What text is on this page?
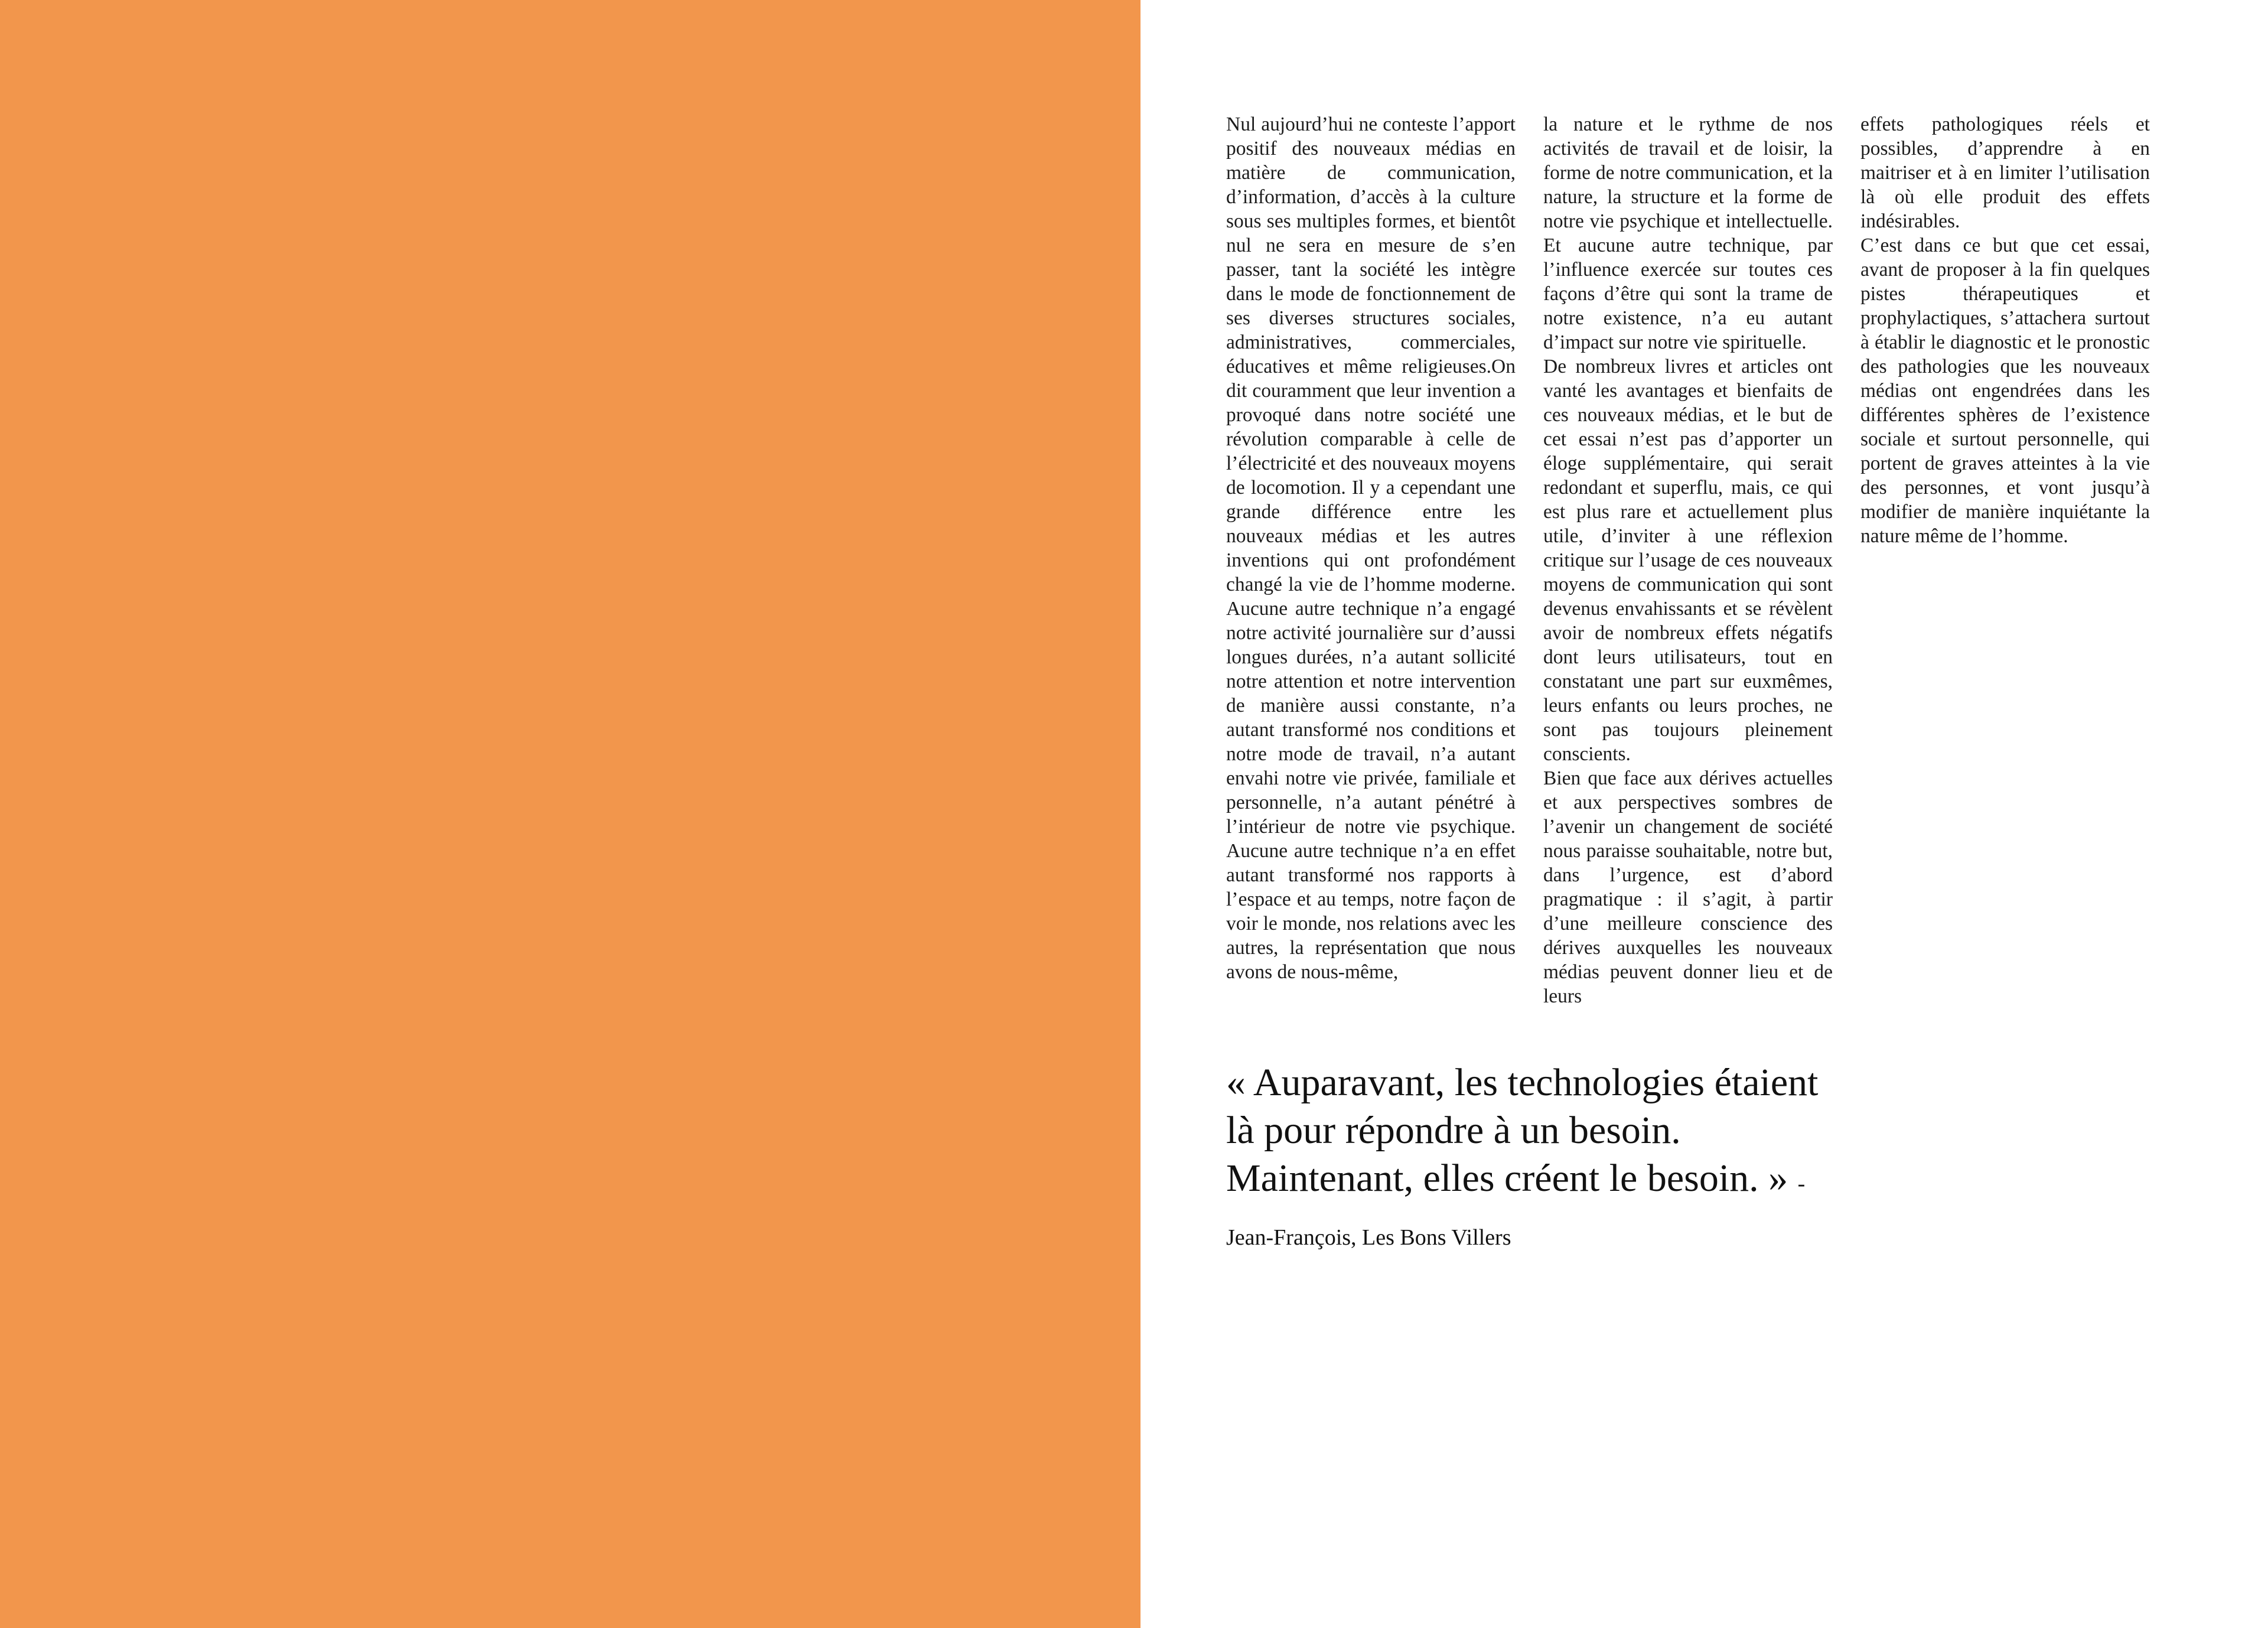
Nul aujourd’hui ne conteste l’apport positif des nouveaux médias en matière de communication, d’information, d’accès à la culture sous ses multiples formes, et bientôt nul ne sera en mesure de s’en passer, tant la société les intègre dans le mode de fonctionnement de ses diverses structures sociales, administratives, commerciales, éducatives et même religieuses.On dit couramment que leur invention a provoqué dans notre société une révolution comparable à celle de l’électricité et des nouveaux moyens de locomotion. Il y a cependant une grande différence entre les nouveaux médias et les autres inventions qui ont profondément changé la vie de l’homme moderne. Aucune autre technique n’a engagé notre activité journalière sur d’aussi longues durées, n’a autant sollicité notre attention et notre intervention de manière aussi constante, n’a autant transformé nos conditions et notre mode de travail, n’a autant envahi notre vie privée, familiale et personnelle, n’a autant pénétré à l’intérieur de notre vie psychique. Aucune autre technique n’a en effet autant transformé nos rapports à l’espace et au temps, notre façon de voir le monde, nos relations avec les autres, la représentation que nous avons de nous-même,

la nature et le rythme de nos activités de travail et de loisir, la forme de notre communication, et la nature, la structure et la forme de notre vie psychique et intellectuelle. Et aucune autre technique, par l’influence exercée sur toutes ces façons d’être qui sont la trame de notre existence, n’a eu autant d’impact sur notre vie spirituelle.

De nombreux livres et articles ont vanté les avantages et bienfaits de ces nouveaux médias, et le but de cet essai n’est pas d’apporter un éloge supplémentaire, qui serait redondant et superflu, mais, ce qui est plus rare et actuellement plus utile, d’inviter à une réflexion critique sur l’usage de ces nouveaux moyens de communication qui sont devenus envahissants et se révèlent avoir de nombreux effets négatifs dont leurs utilisateurs, tout en constatant une part sur euxmêmes, leurs enfants ou leurs proches, ne sont pas toujours pleinement conscients.

Bien que face aux dérives actuelles et aux perspectives sombres de l’avenir un changement de société nous paraisse souhaitable, notre but, dans l’urgence, est d’abord pragmatique : il s’agit, à partir d’une meilleure conscience des dérives auxquelles les nouveaux médias peuvent donner lieu et de leurs

effets pathologiques réels et possibles, d’apprendre à en maitriser et à en limiter l’utilisation là où elle produit des effets indésirables.

C’est dans ce but que cet essai, avant de proposer à la fin quelques pistes thérapeutiques et prophylactiques, s’attachera surtout à établir le diagnostic et le pronostic des pathologies que les nouveaux médias ont engendrées dans les différentes sphères de l’existence sociale et surtout personnelle, qui portent de graves atteintes à la vie des personnes, et vont jusqu’à modifier de manière inquiétante la nature même de l’homme.

« Auparavant, les technologies étaient là pour répondre à un besoin. Maintenant, elles créent le besoin. » - Jean-François, Les Bons Villers
